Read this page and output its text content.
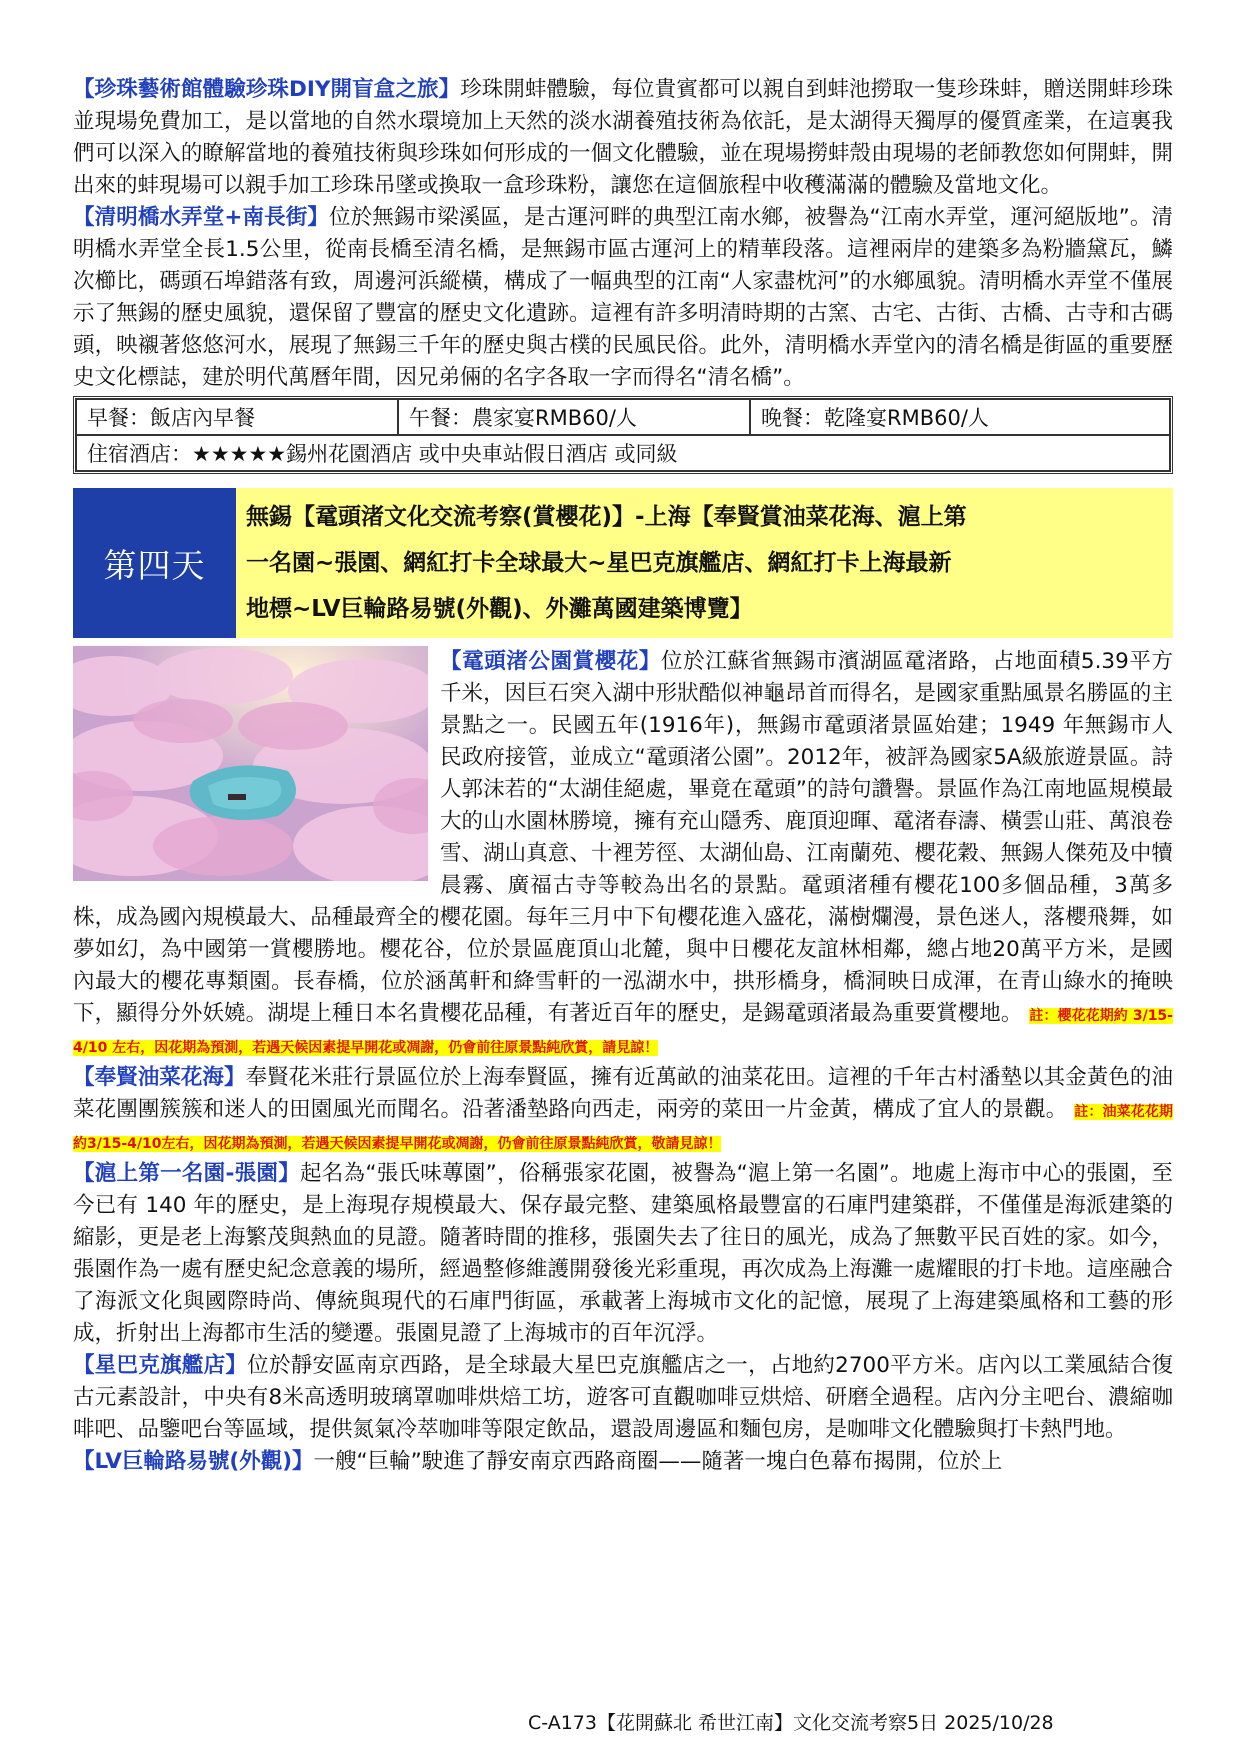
【珍珠藝術館體驗珍珠DIY開盲盒之旅】珍珠開蚌體驗，每位貴賓都可以親自到蚌池撈取一隻珍珠蚌，贈送開蚌珍珠並現場免費加工，是以當地的自然水環境加上天然的淡水湖養殖技術為依託，是太湖得天獨厚的優質產業，在這裏我們可以深入的瞭解當地的養殖技術與珍珠如何形成的一個文化體驗，並在現場撈蚌殼由現場的老師教您如何開蚌，開出來的蚌現場可以親手加工珍珠吊墜或換取一盒珍珠粉，讓您在這個旅程中收穫滿滿的體驗及當地文化。

【清明橋水弄堂+南長街】位於無錫市梁溪區，是古運河畔的典型江南水鄉，被譽為“江南水弄堂，運河絕版地”。清明橋水弄堂全長1.5公里，從南長橋至清名橋，是無錫市區古運河上的精華段落。這裡兩岸的建築多為粉牆黛瓦，鱗次櫛比，碼頭石埠錯落有致，周邊河浜縱橫，構成了一幅典型的江南“人家盡枕河”的水鄉風貌。清明橋水弄堂不僅展示了無錫的歷史風貌，還保留了豐富的歷史文化遺跡。這裡有許多明清時期的古窯、古宅、古街、古橋、古寺和古碼頭，映襯著悠悠河水，展現了無錫三千年的歷史與古樸的民風民俗。此外，清明橋水弄堂內的清名橋是街區的重要歷史文化標誌，建於明代萬曆年間，因兄弟倆的名字各取一字而得名“清名橋”。

早餐：飯店內早餐	午餐：農家宴RMB60/人	晚餐：乾隆宴RMB60/人
住宿酒店：★★★★★錫州花園酒店 或中央車站假日酒店 或同級
第四天
無錫【鼋頭渚文化交流考察(賞櫻花)】-上海【奉賢賞油菜花海、滬上第
一名園~張園、網紅打卡全球最大~星巴克旗艦店、網紅打卡上海最新
地標~LV巨輪路易號(外觀)、外灘萬國建築博覽】

【鼋頭渚公園賞櫻花】位於江蘇省無錫市濱湖區鼋渚路，占地面積5.39平方千米，因巨石突入湖中形狀酷似神龜昂首而得名，是國家重點風景名勝區的主景點之一。民國五年(1916年)，無錫市鼋頭渚景區始建；1949 年無錫市人民政府接管，並成立“鼋頭渚公園”。2012年，被評為國家5A級旅遊景區。詩人郭沫若的“太湖佳絕處，畢竟在鼋頭”的詩句讚譽。景區作為江南地區規模最大的山水園林勝境，擁有充山隱秀、鹿頂迎暉、鼋渚春濤、橫雲山莊、萬浪卷雪、湖山真意、十裡芳徑、太湖仙島、江南蘭苑、櫻花穀、無錫人傑苑及中犢晨霧、廣福古寺等較為出名的景點。鼋頭渚種有櫻花100多個品種，3萬多株，成為國內規模最大、品種最齊全的櫻花園。每年三月中下旬櫻花進入盛花，滿樹爛漫，景色迷人，落櫻飛舞，如夢如幻，為中國第一賞櫻勝地。櫻花谷，位於景區鹿頂山北麓，與中日櫻花友誼林相鄰，總占地20萬平方米，是國內最大的櫻花專類園。長春橋，位於涵萬軒和絳雪軒的一泓湖水中，拱形橋身，橋洞映日成渾，在青山綠水的掩映下，顯得分外妖嬈。湖堤上種日本名貴櫻花品種，有著近百年的歷史，是錫鼋頭渚最為重要賞櫻地。 註：櫻花花期約 3/15-4/10 左右，因花期為預測，若遇天候因素提早開花或凋謝，仍會前往原景點純欣賞，請見諒！

【奉賢油菜花海】奉賢花米莊行景區位於上海奉賢區，擁有近萬畝的油菜花田。這裡的千年古村潘墊以其金黃色的油菜花團團簇簇和迷人的田園風光而聞名。沿著潘墊路向西走，兩旁的菜田一片金黃，構成了宜人的景觀。 註：油菜花花期約3/15-4/10左右，因花期為預測，若遇天候因素提早開花或凋謝，仍會前往原景點純欣賞，敬請見諒！

【滬上第一名園-張園】起名為“張氏味蓴園”，俗稱張家花園，被譽為“滬上第一名園”。地處上海市中心的張園，至今已有 140 年的歷史，是上海現存規模最大、保存最完整、建築風格最豐富的石庫門建築群，不僅僅是海派建築的縮影，更是老上海繁茂與熱血的見證。隨著時間的推移，張園失去了往日的風光，成為了無數平民百姓的家。如今，張園作為一處有歷史紀念意義的場所，經過整修維護開發後光彩重現，再次成為上海灘一處耀眼的打卡地。這座融合了海派文化與國際時尚、傳統與現代的石庫門街區，承載著上海城市文化的記憶，展現了上海建築風格和工藝的形成，折射出上海都市生活的變遷。張園見證了上海城市的百年沉浮。

【星巴克旗艦店】位於靜安區南京西路，是全球最大星巴克旗艦店之一，占地約2700平方米。店內以工業風結合復古元素設計，中央有8米高透明玻璃罩咖啡烘焙工坊，遊客可直觀咖啡豆烘焙、研磨全過程。店內分主吧台、濃縮咖啡吧、品鑒吧台等區域，提供氮氣冷萃咖啡等限定飲品，還設周邊區和麵包房，是咖啡文化體驗與打卡熱門地。

【LV巨輪路易號(外觀)】一艘“巨輪”駛進了靜安南京西路商圈——隨著一塊白色幕布揭開，位於上

C-A173【花開蘇北 希世江南】文化交流考察5日 2025/10/28
